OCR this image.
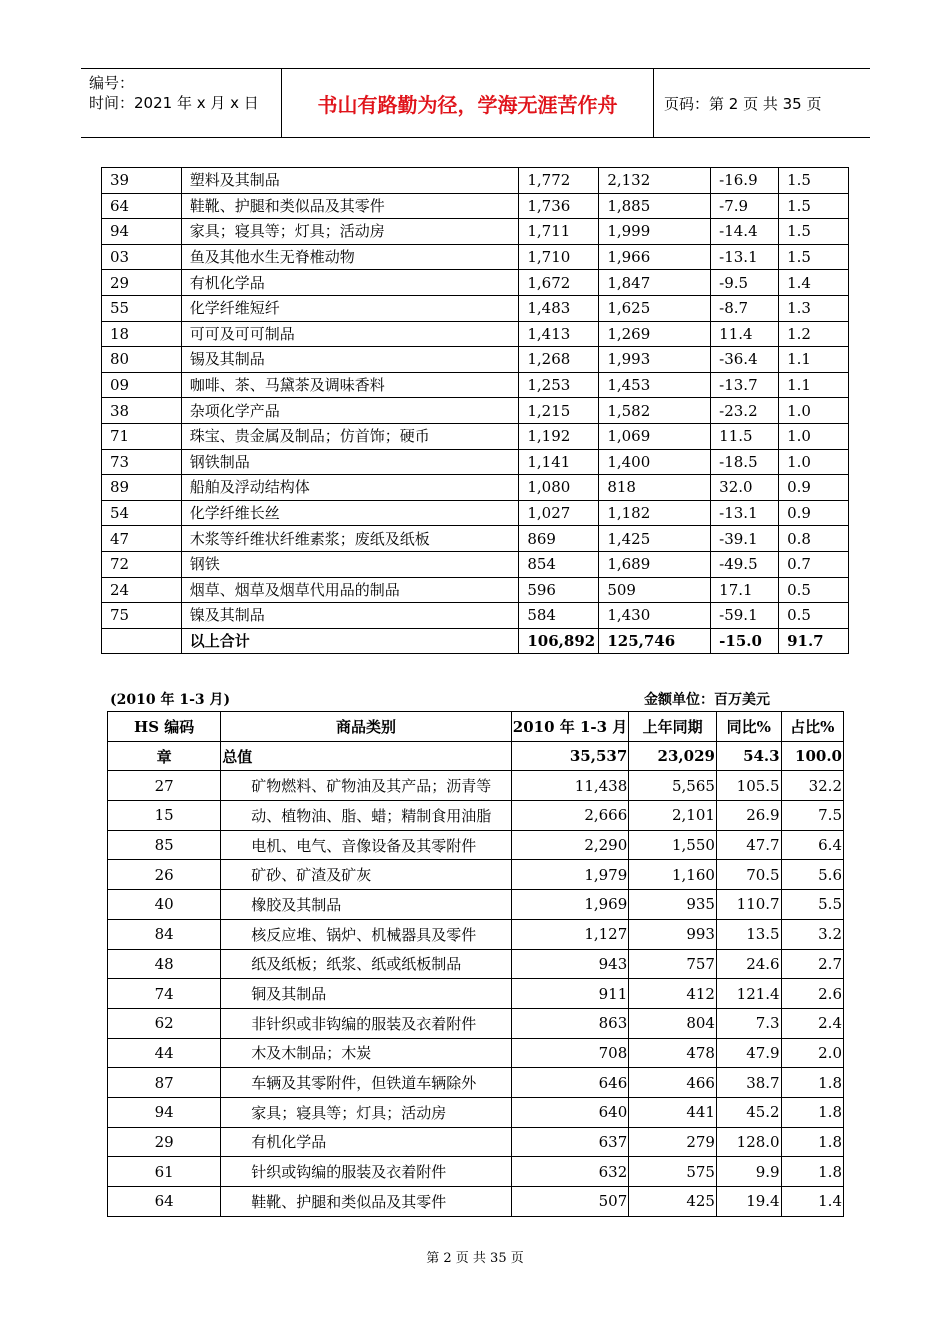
编号：
时间：2021 年 x 月 x 日	书山有路勤为径，学海无涯苦作舟	页码：第 2 页 共 35 页
39	塑料及其制品	1,772	2,132	-16.9	1.5
64	鞋靴、护腿和类似品及其零件	1,736	1,885	-7.9	1.5
94	家具；寝具等；灯具；活动房	1,711	1,999	-14.4	1.5
03	鱼及其他水生无脊椎动物	1,710	1,966	-13.1	1.5
29	有机化学品	1,672	1,847	-9.5	1.4
55	化学纤维短纤	1,483	1,625	-8.7	1.3
18	可可及可可制品	1,413	1,269	11.4	1.2
80	锡及其制品	1,268	1,993	-36.4	1.1
09	咖啡、茶、马黛茶及调味香料	1,253	1,453	-13.7	1.1
38	杂项化学产品	1,215	1,582	-23.2	1.0
71	珠宝、贵金属及制品；仿首饰；硬币	1,192	1,069	11.5	1.0
73	钢铁制品	1,141	1,400	-18.5	1.0
89	船舶及浮动结构体	1,080	818	32.0	0.9
54	化学纤维长丝	1,027	1,182	-13.1	0.9
47	木浆等纤维状纤维素浆；废纸及纸板	869	1,425	-39.1	0.8
72	钢铁	854	1,689	-49.5	0.7
24	烟草、烟草及烟草代用品的制品	596	509	17.1	0.5
75	镍及其制品	584	1,430	-59.1	0.5
	以上合计	106,892	125,746	-15.0	91.7
(2010 年 1-3 月)	金额单位：百万美元
HS 编码	商品类别	2010 年 1-3 月	上年同期	同比%	占比%
章	总值	35,537	23,029	54.3	100.0
27	矿物燃料、矿物油及其产品；沥青等	11,438	5,565	105.5	32.2
15	动、植物油、脂、蜡；精制食用油脂	2,666	2,101	26.9	7.5
85	电机、电气、音像设备及其零附件	2,290	1,550	47.7	6.4
26	矿砂、矿渣及矿灰	1,979	1,160	70.5	5.6
40	橡胶及其制品	1,969	935	110.7	5.5
84	核反应堆、锅炉、机械器具及零件	1,127	993	13.5	3.2
48	纸及纸板；纸浆、纸或纸板制品	943	757	24.6	2.7
74	铜及其制品	911	412	121.4	2.6
62	非针织或非钩编的服装及衣着附件	863	804	7.3	2.4
44	木及木制品；木炭	708	478	47.9	2.0
87	车辆及其零附件，但铁道车辆除外	646	466	38.7	1.8
94	家具；寝具等；灯具；活动房	640	441	45.2	1.8
29	有机化学品	637	279	128.0	1.8
61	针织或钩编的服装及衣着附件	632	575	9.9	1.8
64	鞋靴、护腿和类似品及其零件	507	425	19.4	1.4
第 2 页 共 35 页
